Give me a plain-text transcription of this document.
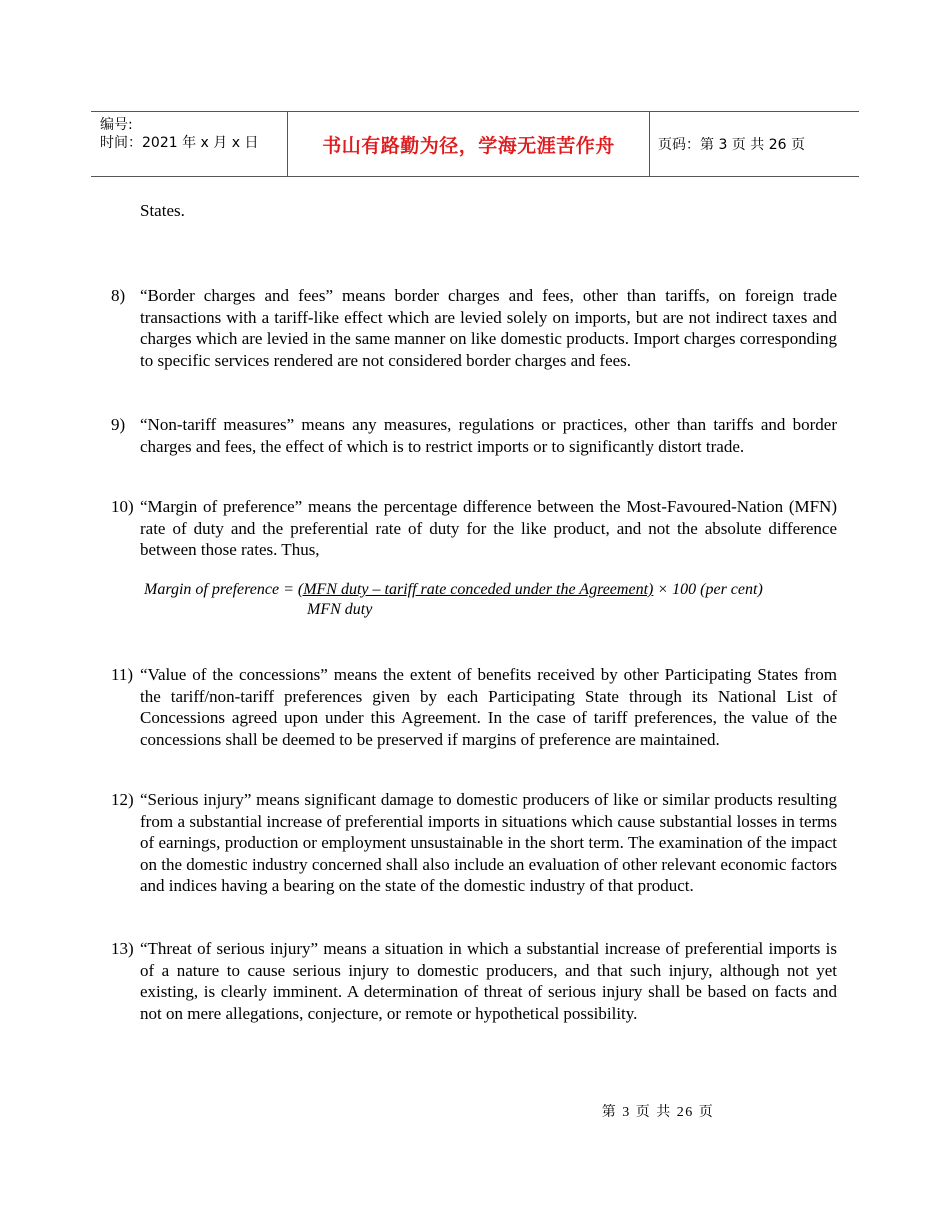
编号:
时间：2021 年 x 月 x 日	书山有路勤为径，学海无涯苦作舟	页码：第 3 页 共 26 页
States.
8) “Border charges and fees” means border charges and fees, other than tariffs, on foreign trade transactions with a tariff-like effect which are levied solely on imports, but are not indirect taxes and charges which are levied in the same manner on like domestic products. Import charges corresponding to specific services rendered are not considered border charges and fees.
9) “Non-tariff measures” means any measures, regulations or practices, other than tariffs and border charges and fees, the effect of which is to restrict imports or to significantly distort trade.
10) “Margin of preference” means the percentage difference between the Most-Favoured-Nation (MFN) rate of duty and the preferential rate of duty for the like product, and not the absolute difference between those rates. Thus,
Margin of preference = (MFN duty – tariff rate conceded under the Agreement) × 100 (per cent)
MFN duty
11) “Value of the concessions” means the extent of benefits received by other Participating States from the tariff/non-tariff preferences given by each Participating State through its National List of Concessions agreed upon under this Agreement. In the case of tariff preferences, the value of the concessions shall be deemed to be preserved if margins of preference are maintained.
12) “Serious injury” means significant damage to domestic producers of like or similar products resulting from a substantial increase of preferential imports in situations which cause substantial losses in terms of earnings, production or employment unsustainable in the short term. The examination of the impact on the domestic industry concerned shall also include an evaluation of other relevant economic factors and indices having a bearing on the state of the domestic industry of that product.
13) “Threat of serious injury” means a situation in which a substantial increase of preferential imports is of a nature to cause serious injury to domestic producers, and that such injury, although not yet existing, is clearly imminent. A determination of threat of serious injury shall be based on facts and not on mere allegations, conjecture, or remote or hypothetical possibility.
第 3 页 共 26 页
